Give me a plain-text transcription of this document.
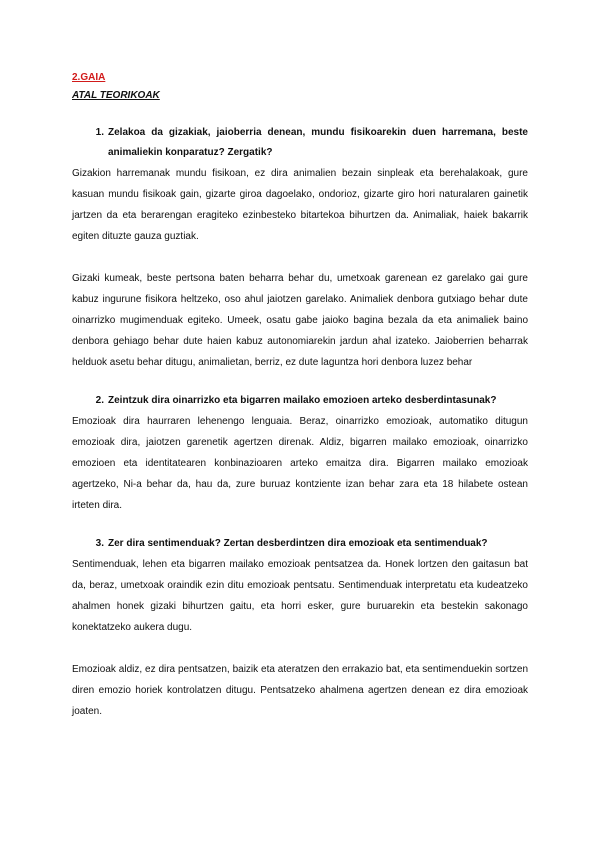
2.GAIA
ATAL TEORIKOAK
1. Zelakoa da gizakiak, jaioberria denean, mundu fisikoarekin duen harremana, beste animaliekin konparatuz? Zergatik?

Gizakion harremanak mundu fisikoan, ez dira animalien bezain sinpleak eta berehalakoak, gure kasuan mundu fisikoak gain, gizarte giroa dagoelako, ondorioz, gizarte giro hori naturalaren gainetik jartzen da eta berarengan eragiteko ezinbesteko bitartekoa bihurtzen da. Animaliak, haiek bakarrik egiten dituzte gauza guztiak.

Gizaki kumeak, beste pertsona baten beharra behar du, umetxoak garenean ez garelako gai gure kabuz ingurune fisikora heltzeko, oso ahul jaiotzen garelako. Animaliek denbora gutxiago behar dute oinarrizko mugimenduak egiteko. Umeek, osatu gabe jaioko bagina bezala da eta animaliek baino denbora gehiago behar dute haien kabuz autonomiarekin jardun ahal izateko. Jaioberrien beharrak helduok asetu behar ditugu, animalietan, berriz, ez dute laguntza hori denbora luzez behar

2. Zeintzuk dira oinarrizko eta bigarren mailako emozioen arteko desberdintasunak?

Emozioak dira haurraren lehenengo lenguaia. Beraz, oinarrizko emozioak, automatiko ditugun emozioak dira, jaiotzen garenetik agertzen direnak. Aldiz, bigarren mailako emozioak, oinarrizko emozioen eta identitatearen konbinazioaren arteko emaitza dira. Bigarren mailako emozioak agertzeko, Ni-a behar da, hau da, zure buruaz kontziente izan behar zara eta 18 hilabete ostean irteten dira.

3. Zer dira sentimenduak? Zertan desberdintzen dira emozioak eta sentimenduak?

Sentimenduak, lehen eta bigarren mailako emozioak pentsatzea da. Honek lortzen den gaitasun bat da, beraz, umetxoak oraindik ezin ditu emozioak pentsatu. Sentimenduak interpretatu eta kudeatzeko ahalmen honek gizaki bihurtzen gaitu, eta horri esker, gure buruarekin eta bestekin sakonago konektatzeko aukera dugu.

Emozioak aldiz, ez dira pentsatzen, baizik eta ateratzen den errakazio bat, eta sentimenduekin sortzen diren emozio horiek kontrolatzen ditugu. Pentsatzeko ahalmena agertzen denean ez dira emozioak joaten.
